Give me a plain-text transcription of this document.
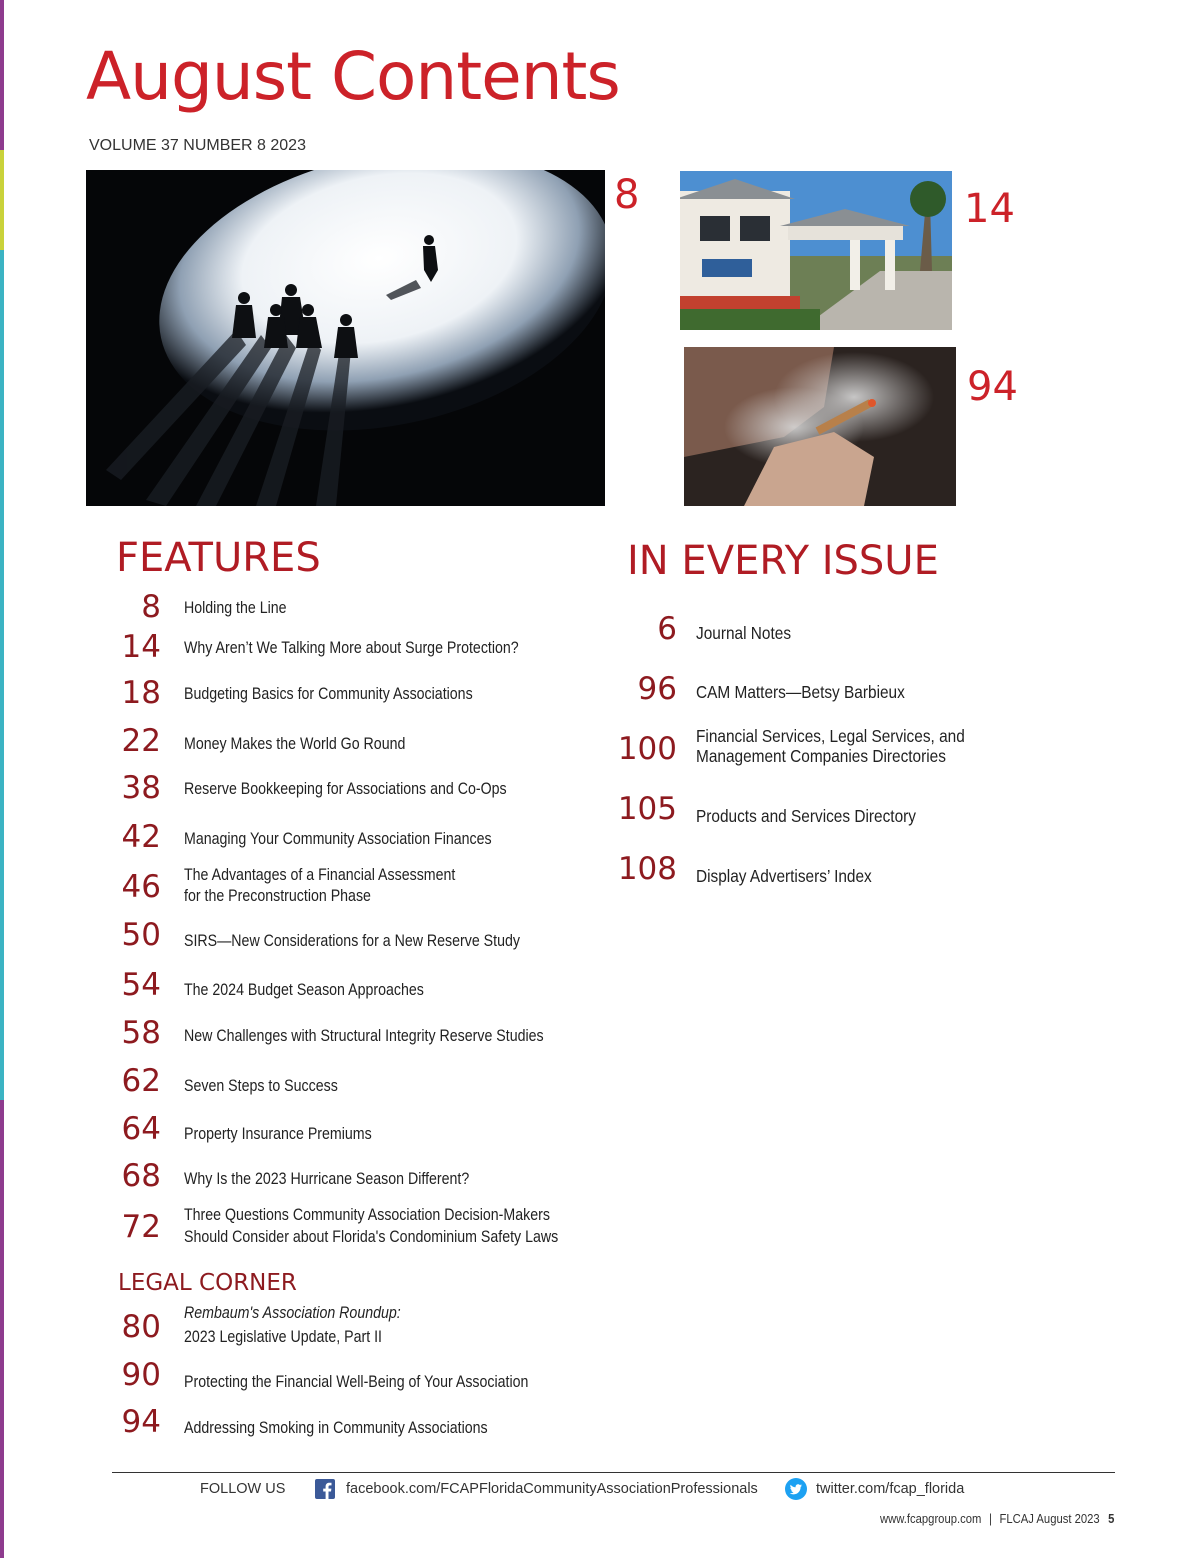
August Contents
VOLUME 37 NUMBER 8 2023
8	14
94
FEATURES
8 Holding the Line
14 Why Aren’t We Talking More about Surge Protection?
18 Budgeting Basics for Community Associations
22 Money Makes the World Go Round
38 Reserve Bookkeeping for Associations and Co-Ops
42 Managing Your Community Association Finances
46 The Advantages of a Financial Assessment
for the Preconstruction Phase
50 SIRS—New Considerations for a New Reserve Study
54 The 2024 Budget Season Approaches
58 New Challenges with Structural Integrity Reserve Studies
62 Seven Steps to Success
64 Property Insurance Premiums
68 Why Is the 2023 Hurricane Season Different?
72 Three Questions Community Association Decision-Makers
Should Consider about Florida's Condominium Safety Laws
LEGAL CORNER
80 Rembaum's Association Roundup:
2023 Legislative Update, Part II
90 Protecting the Financial Well-Being of Your Association
94 Addressing Smoking in Community Associations
IN EVERY ISSUE
6 Journal Notes
96 CAM Matters—Betsy Barbieux
100 Financial Services, Legal Services, and
Management Companies Directories
105 Products and Services Directory
108 Display Advertisers’ Index
FOLLOW US	facebook.com/FCAPFloridaCommunityAssociationProfessionals	twitter.com/fcap_florida
www.fcapgroup.com | FLCAJ August 2023 5
